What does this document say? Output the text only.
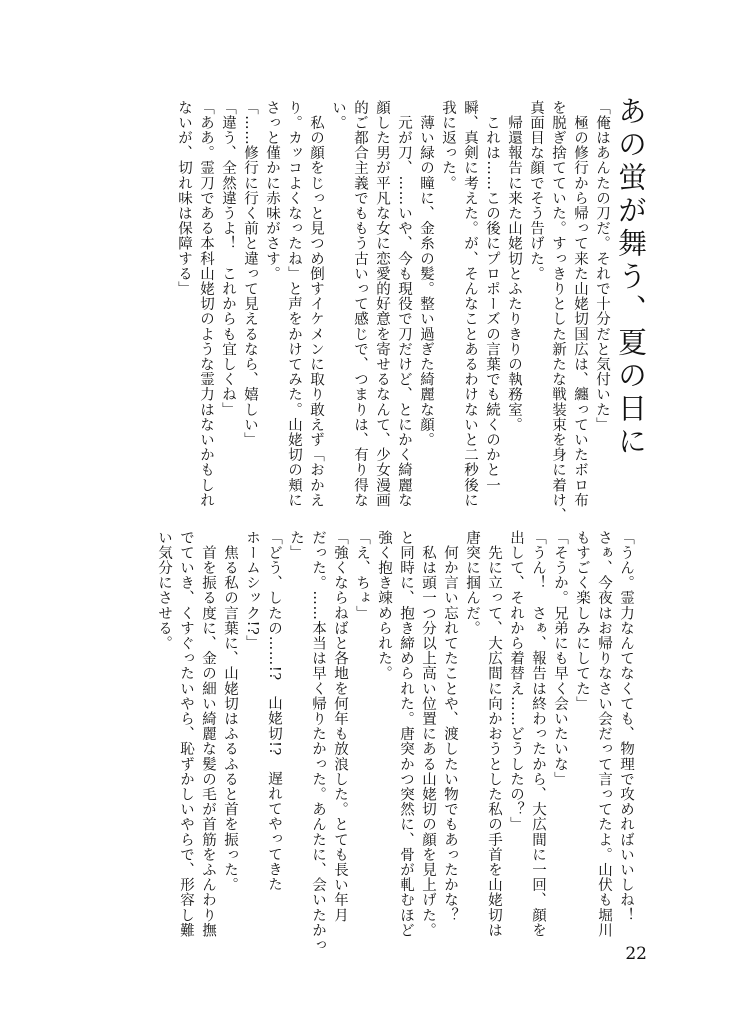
あの蛍が舞う、夏の日に
「俺はあんたの刀だ。それで十分だと気付いた」
　極の修行から帰って来た山姥切国広は、纏っていたボロ布
を脱ぎ捨てていた。すっきりとした新たな戦装束を身に着け、
真面目な顔でそう告げた。
　帰還報告に来た山姥切とふたりきりの執務室。
　これは……この後にプロポーズの言葉でも続くのかと一
瞬、真剣に考えた。が、そんなことあるわけないと二秒後に
我に返った。
　薄い緑の瞳に、金糸の髪。整い過ぎた綺麗な顔。
　元が刀、……いや、今も現役で刀だけど、とにかく綺麗な
顔した男が平凡な女に恋愛的好意を寄せるなんて、少女漫画
的ご都合主義でももう古いって感じで、つまりは、有り得な
い。
　私の顔をじっと見つめ倒すイケメンに取り敢えず「おかえ
り。カッコよくなったね」と声をかけてみた。山姥切の頬に
さっと僅かに赤味がさす。
「……修行に行く前と違って見えるなら、嬉しい」
「違う、全然違うよ！　これからも宜しくね」
「ああ。霊刀である本科山姥切のような霊力はないかもしれ
ないが、切れ味は保障する」
「うん。霊力なんてなくても、物理で攻めればいいしね！
さぁ、今夜はお帰りなさい会だって言ってたよ。山伏も堀川
もすごく楽しみにしてた」
「そうか。兄弟にも早く会いたいな」
「うん！　さぁ、報告は終わったから、大広間に一回、顔を
出して、それから着替え……どうしたの？」
　先に立って、大広間に向かおうとした私の手首を山姥切は
唐突に掴んだ。
　何か言い忘れてたことや、渡したい物でもあったかな？
　私は頭一つ分以上高い位置にある山姥切の顔を見上げた。
と同時に、抱き締められた。唐突かつ突然に、骨が軋むほど
強く抱き竦められた。
「え、ちょ」
「強くならねばと各地を何年も放浪した。とても長い年月
だった。……本当は早く帰りたかった。あんたに、会いたかっ
た」
「どう、したの……!?　山姥切!?　遅れてやってきた
ホームシック!?」
　焦る私の言葉に、山姥切はふるふると首を振った。
　首を振る度に、金の細い綺麗な髪の毛が首筋をふんわり撫
でていき、くすぐったいやら、恥ずかしいやらで、形容し難
い気分にさせる。
22
